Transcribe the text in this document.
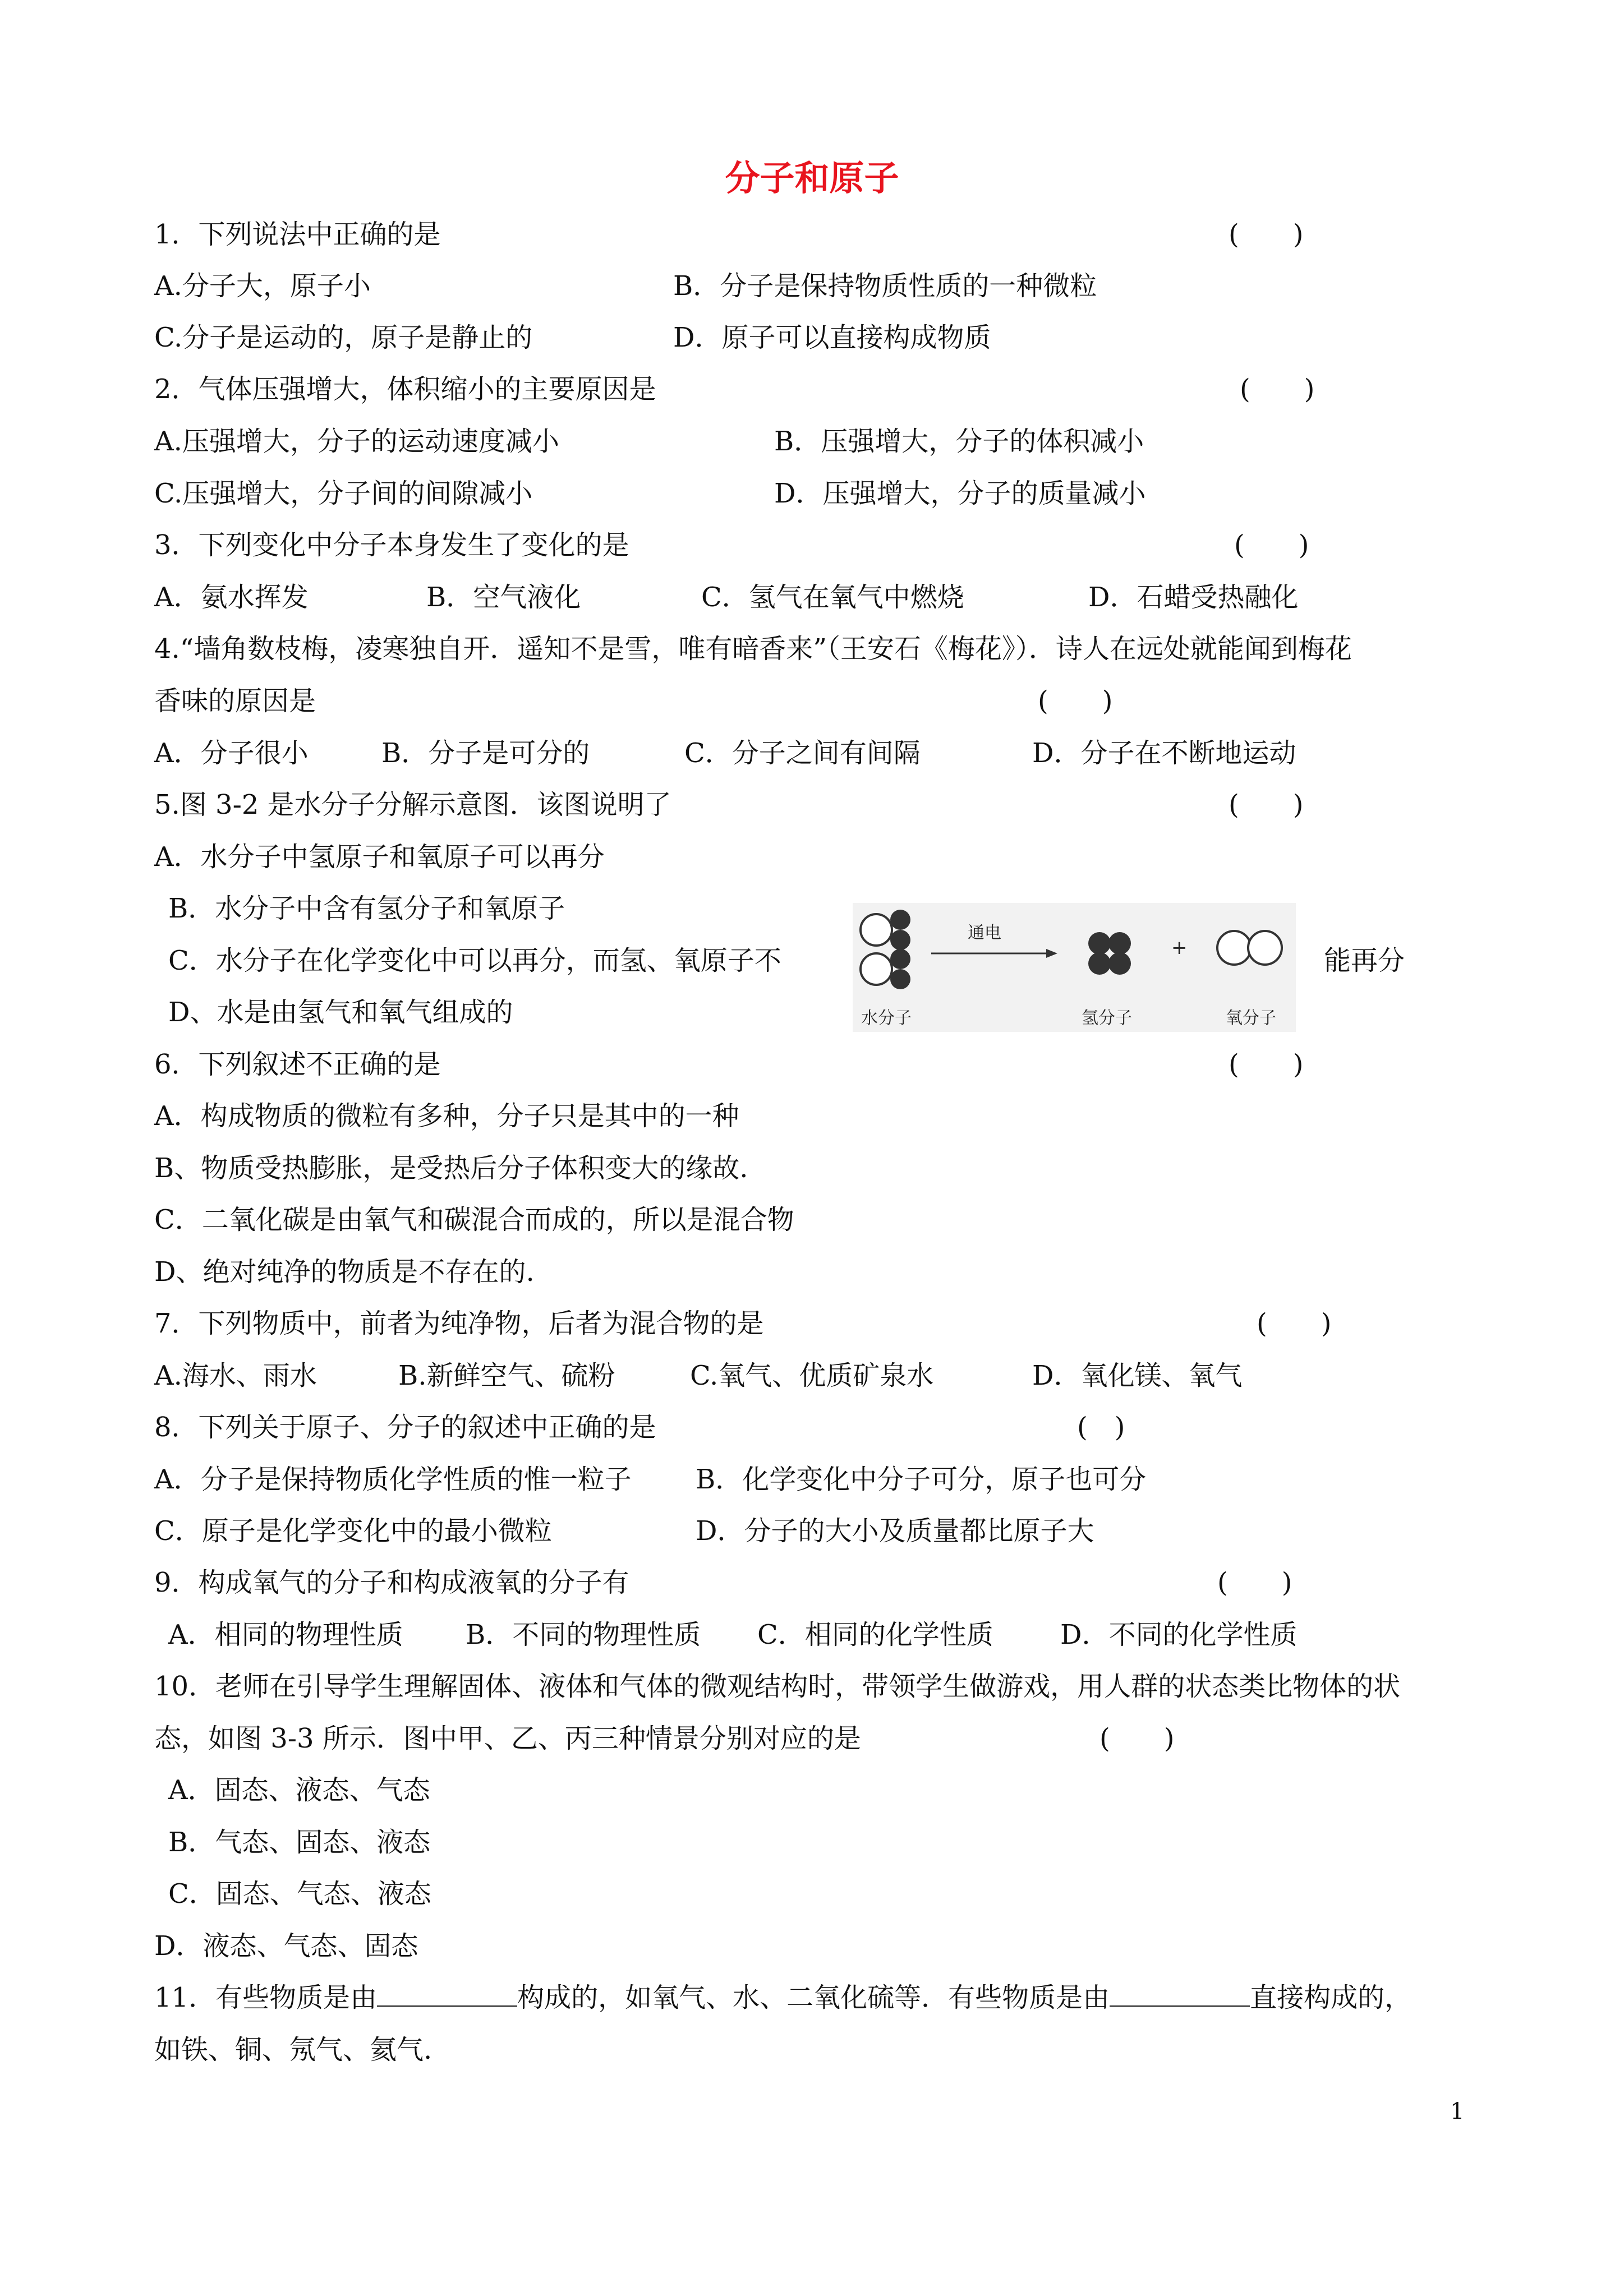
分子和原子
1．下列说法中正确的是	(　　)
A.分子大，原子小	B．分子是保持物质性质的一种微粒
C.分子是运动的，原子是静止的	D．原子可以直接构成物质
2．气体压强增大，体积缩小的主要原因是	(　　)
A.压强增大，分子的运动速度减小	B．压强增大，分子的体积减小
C.压强增大，分子间的间隙减小	D．压强增大，分子的质量减小
3．下列变化中分子本身发生了变化的是	(　　)
A．氨水挥发	B．空气液化	C．氢气在氧气中燃烧	D．石蜡受热融化
4.“墙角数枝梅，凌寒独自开．遥知不是雪，唯有暗香来”（王安石《梅花》）．诗人在远处就能闻到梅花
香味的原因是	(　　)
A．分子很小	B．分子是可分的	C．分子之间有间隔	D．分子在不断地运动
5.图 3-2 是水分子分解示意图．该图说明了	(　　)
A．水分子中氢原子和氧原子可以再分
B．水分子中含有氢分子和氧原子
C．水分子在化学变化中可以再分，而氢、氧原子不	能再分
D、水是由氢气和氧气组成的
通电
+
水分子	氢分子	氧分子
6．下列叙述不正确的是	(　　)
A．构成物质的微粒有多种，分子只是其中的一种
B、物质受热膨胀，是受热后分子体积变大的缘故.
C．二氧化碳是由氧气和碳混合而成的，所以是混合物
D、绝对纯净的物质是不存在的.
7．下列物质中，前者为纯净物，后者为混合物的是	(　　)
A.海水、雨水	B.新鲜空气、硫粉	C.氧气、优质矿泉水	D．氧化镁、氧气
8．下列关于原子、分子的叙述中正确的是	(　)
A．分子是保持物质化学性质的惟一粒子 B．化学变化中分子可分，原子也可分
C．原子是化学变化中的最小微粒	D．分子的大小及质量都比原子大
9．构成氧气的分子和构成液氧的分子有	(　　)
A．相同的物理性质 B．不同的物理性质 C．相同的化学性质 D．不同的化学性质
10．老师在引导学生理解固体、液体和气体的微观结构时，带领学生做游戏，用人群的状态类比物体的状
态，如图 3-3 所示．图中甲、乙、丙三种情景分别对应的是	(　　)
A．固态、液态、气态
B．气态、固态、液态
C．固态、气态、液态
D．液态、气态、固态
11．有些物质是由	构成的，如氧气、水、二氧化硫等．有些物质是由	直接构成的，
如铁、铜、氖气、氦气.
1
